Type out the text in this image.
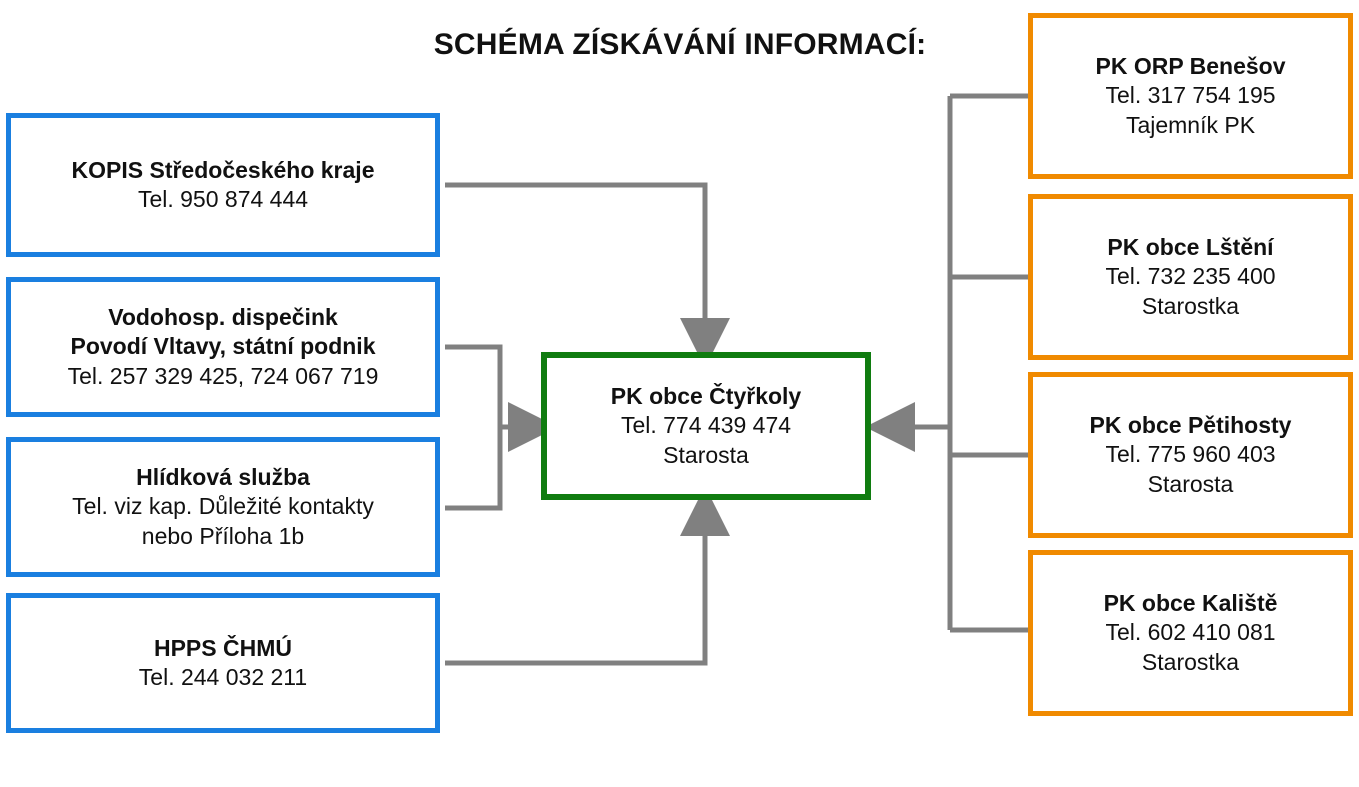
SCHÉMA ZÍSKÁVÁNÍ INFORMACÍ:
KOPIS Středočeského kraje
Tel. 950 874 444
Vodohosp. dispečink
Povodí Vltavy, státní podnik
Tel. 257 329 425, 724 067 719
Hlídková služba
Tel. viz kap. Důležité kontakty
nebo Příloha 1b
HPPS ČHMÚ
Tel. 244 032 211
PK obce Čtyřkoly
Tel. 774 439 474
Starosta
PK ORP Benešov
Tel. 317 754 195
Tajemník PK
PK obce Lštění
Tel. 732 235 400
Starostka
PK obce Pětihosty
Tel. 775 960 403
Starosta
PK obce Kaliště
Tel. 602 410 081
Starostka
